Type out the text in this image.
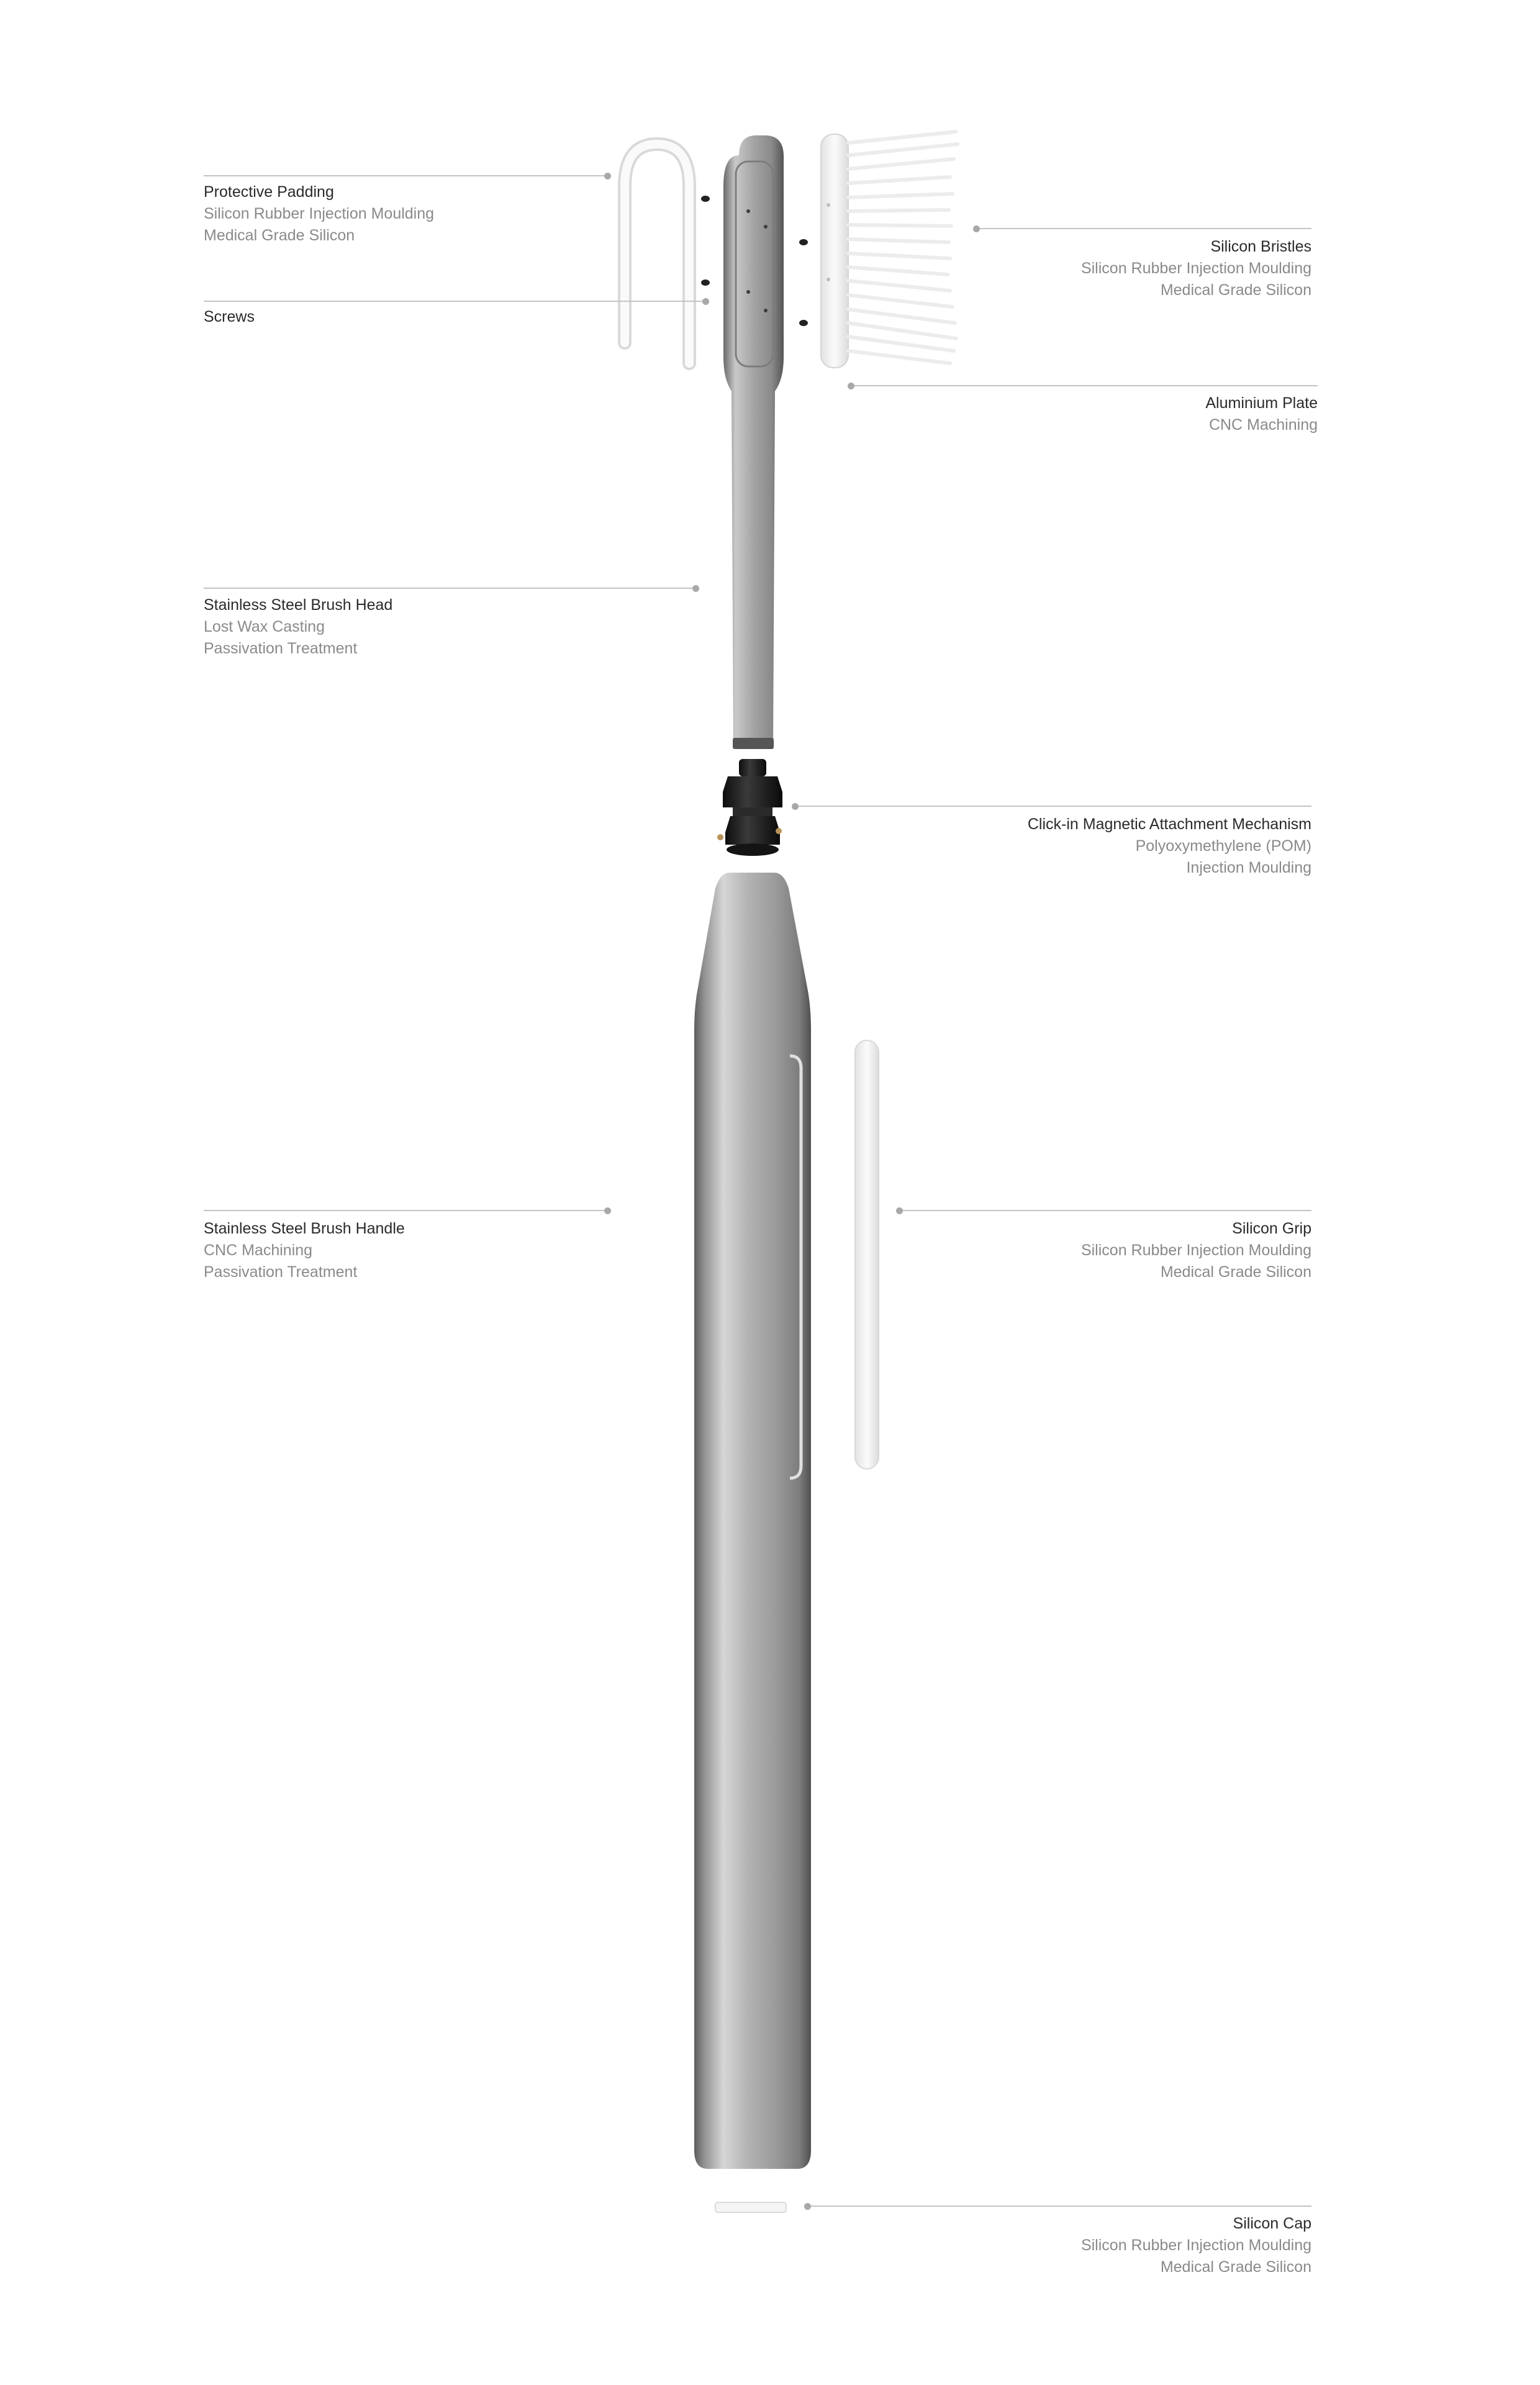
Protective Padding
Silicon Rubber Injection Moulding
Medical Grade Silicon
Screws
Silicon Bristles
Silicon Rubber Injection Moulding
Medical Grade Silicon
Aluminium Plate
CNC Machining
Stainless Steel Brush Head
Lost Wax Casting
Passivation Treatment
Click-in Magnetic Attachment Mechanism
Polyoxymethylene (POM)
Injection Moulding
Stainless Steel Brush Handle
CNC Machining
Passivation Treatment
Silicon Grip
Silicon Rubber Injection Moulding
Medical Grade Silicon
Silicon Cap
Silicon Rubber Injection Moulding
Medical Grade Silicon
